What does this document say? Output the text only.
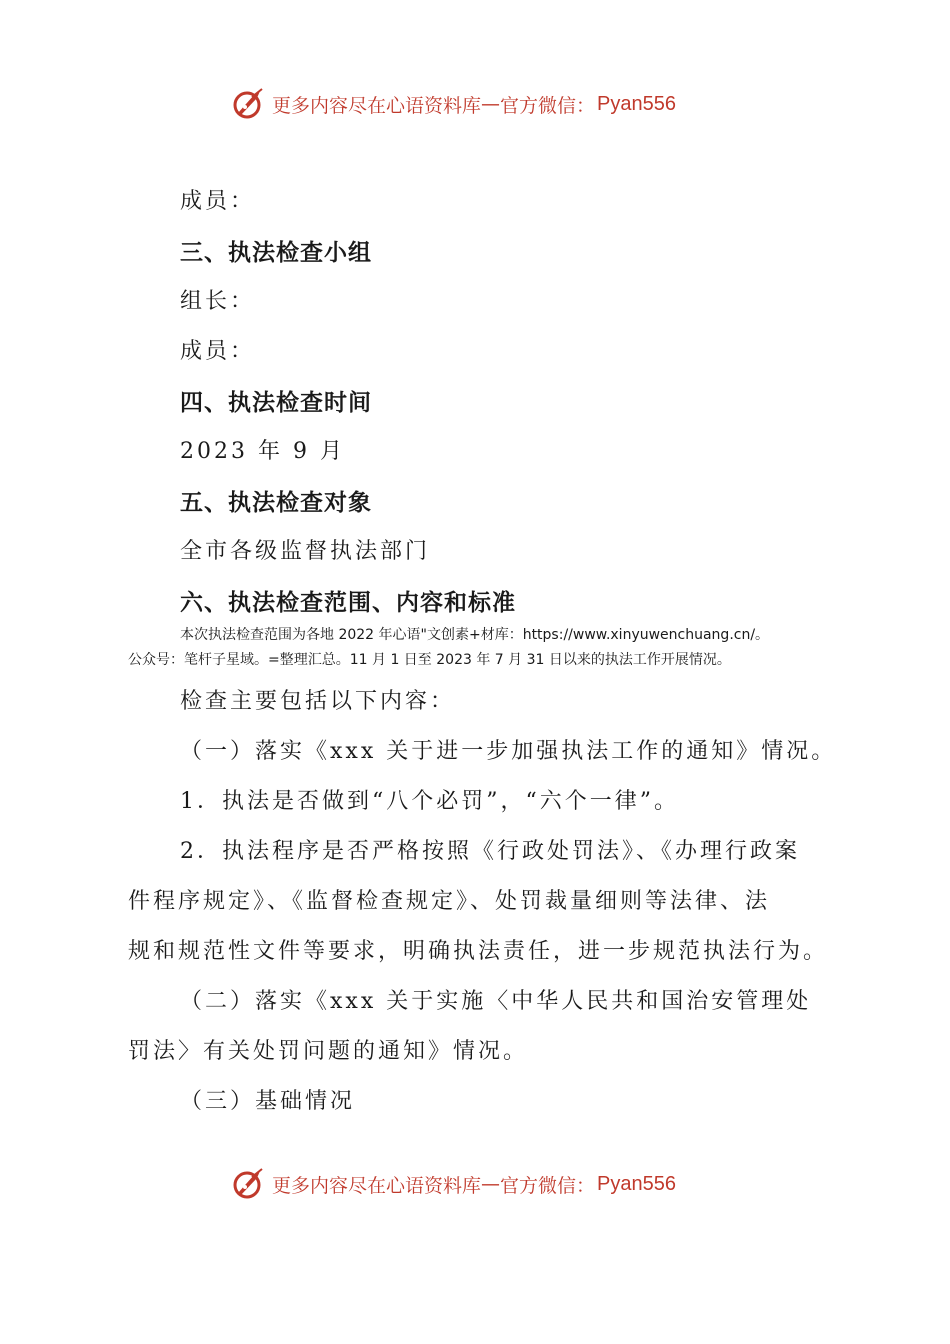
更多内容尽在心语资料库 — 官方微信： Pyan556
成员：
三、执法检查小组
组长：
成员：
四、执法检查时间
2023 年 9 月
五、执法检查对象
全市各级监督执法部门
六、执法检查范围、内容和标准
本次执法检查范围为各地 2022 年心语"文创素+材库：https://www.xinyuwenchuang.cn/。
公众号：笔杆子星域。=整理汇总。11 月 1 日至 2023 年 7 月 31 日以来的执法工作开展情况。
检查主要包括以下内容：
（一）落实《xxx 关于进一步加强执法工作的通知》情况。
1．执法是否做到“八个必罚”，“六个一律”。
2．执法程序是否严格按照《行政处罚法》、《办理行政案
件程序规定》、《监督检查规定》、处罚裁量细则等法律、法
规和规范性文件等要求，明确执法责任，进一步规范执法行为。
（二）落实《xxx 关于实施〈中华人民共和国治安管理处
罚法〉有关处罚问题的通知》情况。
（三）基础情况
更多内容尽在心语资料库 — 官方微信： Pyan556
